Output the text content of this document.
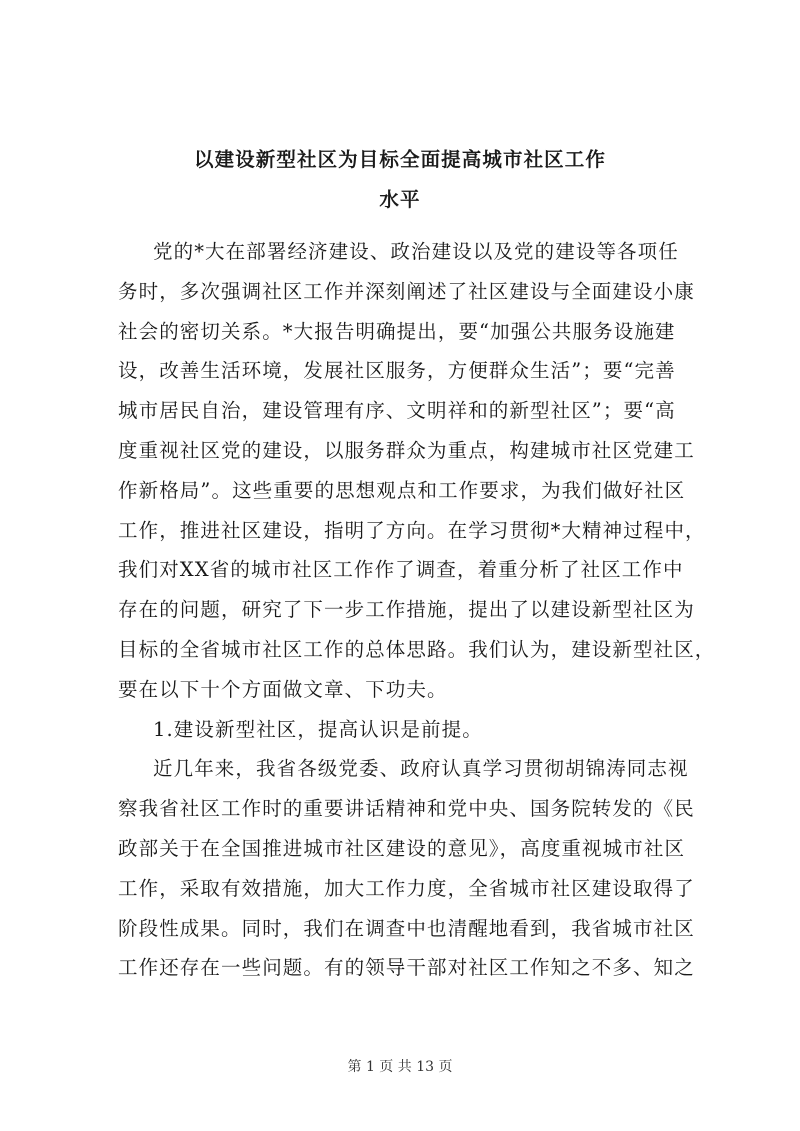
以建设新型社区为目标全面提高城市社区工作
水平
党的*大在部署经济建设、政治建设以及党的建设等各项任
务时，多次强调社区工作并深刻阐述了社区建设与全面建设小康
社会的密切关系。*大报告明确提出，要“加强公共服务设施建
设，改善生活环境，发展社区服务，方便群众生活”；要“完善
城市居民自治，建设管理有序、文明祥和的新型社区”；要“高
度重视社区党的建设，以服务群众为重点，构建城市社区党建工
作新格局”。这些重要的思想观点和工作要求，为我们做好社区
工作，推进社区建设，指明了方向。在学习贯彻*大精神过程中，
我们对XX省的城市社区工作作了调查，着重分析了社区工作中
存在的问题，研究了下一步工作措施，提出了以建设新型社区为
目标的全省城市社区工作的总体思路。我们认为，建设新型社区，
要在以下十个方面做文章、下功夫。
1.建设新型社区，提高认识是前提。
近几年来，我省各级党委、政府认真学习贯彻胡锦涛同志视
察我省社区工作时的重要讲话精神和党中央、国务院转发的《民
政部关于在全国推进城市社区建设的意见》，高度重视城市社区
工作，采取有效措施，加大工作力度，全省城市社区建设取得了
阶段性成果。同时，我们在调查中也清醒地看到，我省城市社区
工作还存在一些问题。有的领导干部对社区工作知之不多、知之
第 1 页 共 13 页
